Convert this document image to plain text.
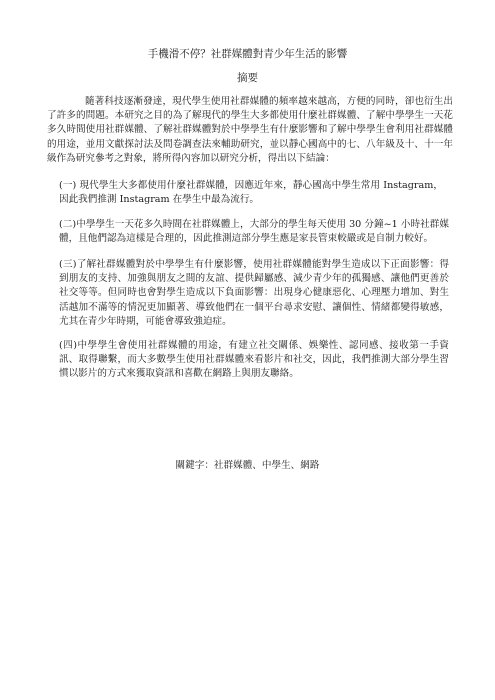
手機滑不停？社群媒體對青少年生活的影響
摘要

隨著科技逐漸發達，現代學生使用社群媒體的頻率越來越高，方便的同時，卻也衍生出了許多的問題。本研究之目的為了解現代的學生大多都使用什麼社群媒體、了解中學學生一天花多久時間使用社群媒體、了解社群媒體對於中學學生有什麼影響和了解中學學生會利用社群媒體的用途，並用文獻探討法及問卷調查法來輔助研究，並以靜心國高中的七、八年級及十、十一年級作為研究參考之對象，將所得內容加以研究分析，得出以下結論：

(一) 現代學生大多都使用什麼社群媒體，因應近年來，靜心國高中學生常用 Instagram，因此我們推測 Instagram 在學生中最為流行。

(二)中學學生一天花多久時間在社群媒體上，大部分的學生每天使用 30 分鐘~1 小時社群媒體，且他們認為這樣是合理的，因此推測這部分學生應是家長管束較嚴或是自制力較好。

(三)了解社群媒體對於中學學生有什麼影響，使用社群媒體能對學生造成以下正面影響：得到朋友的支持、加強與朋友之間的友誼、提供歸屬感、減少青少年的孤獨感、讓他們更善於社交等等。但同時也會對學生造成以下負面影響：出現身心健康惡化、心理壓力增加、對生活越加不滿等的情況更加顯著、導致他們在一個平台尋求安慰、讓個性、情緒都變得敏感，尤其在青少年時期，可能會導致強迫症。

(四)中學學生會使用社群媒體的用途，有建立社交關係、娛樂性、認同感、接收第一手資訊、取得聯繫，而大多數學生使用社群媒體來看影片和社交，因此，我們推測大部分學生習慣以影片的方式來獲取資訊和喜歡在網路上與朋友聯絡。

關鍵字：社群媒體、中學生、網路
